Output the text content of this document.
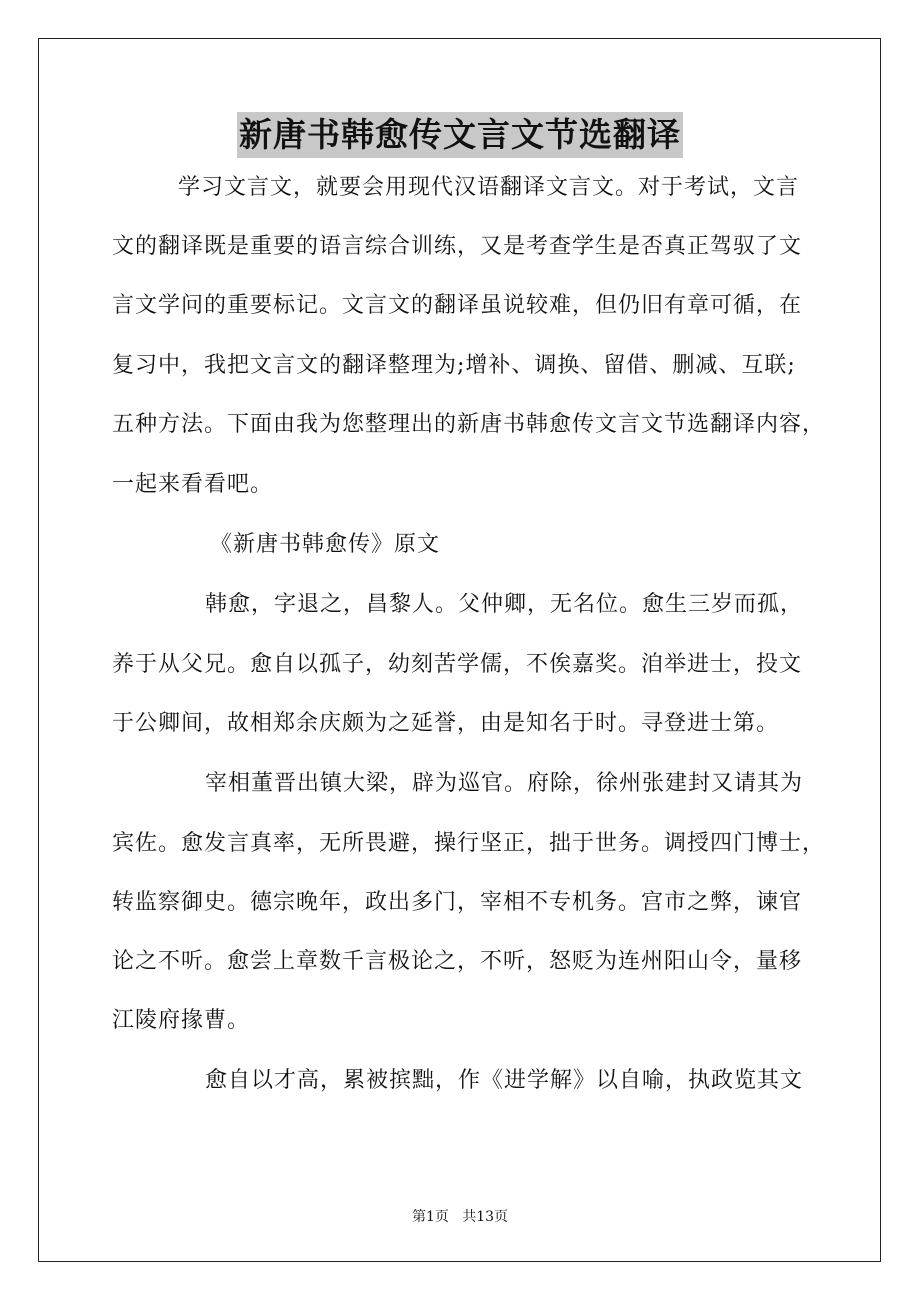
新唐书韩愈传文言文节选翻译
学习文言文，就要会用现代汉语翻译文言文。对于考试，文言
文的翻译既是重要的语言综合训练，又是考查学生是否真正驾驭了文
言文学问的重要标记。文言文的翻译虽说较难，但仍旧有章可循，在
复习中，我把文言文的翻译整理为;增补、调换、留借、删减、互联;
五种方法。下面由我为您整理出的新唐书韩愈传文言文节选翻译内容，
一起来看看吧。
《新唐书韩愈传》原文
韩愈，字退之，昌黎人。父仲卿，无名位。愈生三岁而孤，
养于从父兄。愈自以孤子，幼刻苦学儒，不俟嘉奖。洎举进士，投文
于公卿间，故相郑余庆颇为之延誉，由是知名于时。寻登进士第。
宰相董晋出镇大梁，辟为巡官。府除，徐州张建封又请其为
宾佐。愈发言真率，无所畏避，操行坚正，拙于世务。调授四门博士，
转监察御史。德宗晚年，政出多门，宰相不专机务。宫市之弊，谏官
论之不听。愈尝上章数千言极论之，不听，怒贬为连州阳山令，量移
江陵府掾曹。
愈自以才高，累被摈黜，作《进学解》以自喻，执政览其文
第1页   共13页
